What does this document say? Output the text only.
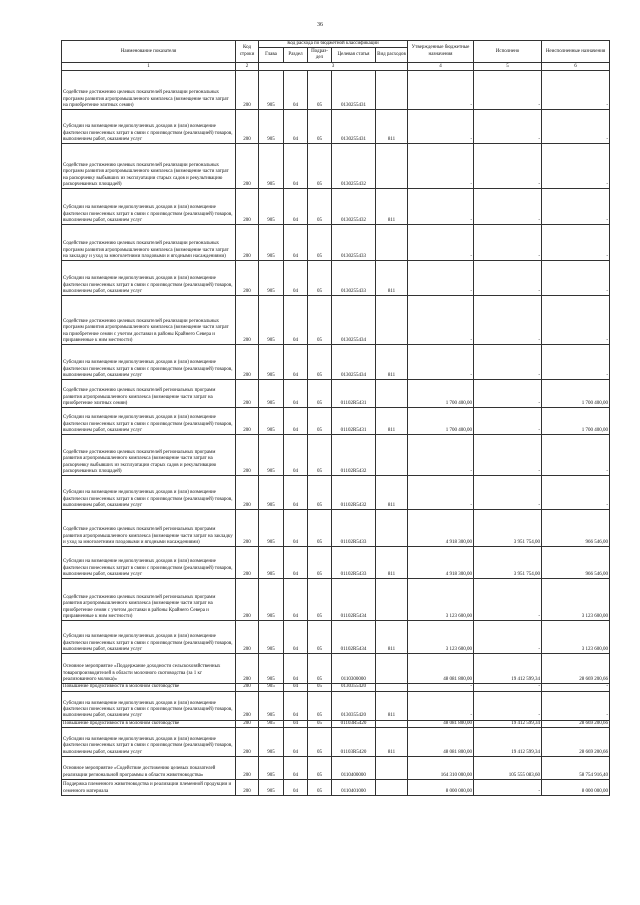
36
Наименование показателя	Код строки	Код расхода по бюджетной классификации					Утвержденные бюджетные назначения	Исполнено	Неисполненные назначения
		Глава	Раздел	Подраз-дел	Целевая статья	Вид расходов			
1	2	3					4	5	6
Содействие достижению целевых показателей реализации региональных программ развития агропромышленного комплекса (возмещение части затрат на приобретение элитных семян)	200	905	04	05	0130255431		-	-	-
Субсидии на возмещение недополученных доходов и (или) возмещение фактически понесенных затрат в связи с производством (реализацией) товаров, выполнением работ, оказанием услуг	200	905	04	05	0130255431	811	-	-	-
Содействие достижению целевых показателей реализации региональных программ развития агропромышленного комплекса (возмещение части затрат на раскорчевку выбывших из эксплуатации старых садов и рекультивацию раскорчеванных площадей)	200	905	04	05	0130255432		-	-	-
Субсидии на возмещение недополученных доходов и (или) возмещение фактически понесенных затрат в связи с производством (реализацией) товаров, выполнением работ, оказанием услуг	200	905	04	05	0130255432	811	-	-	-
Содействие достижению целевых показателей реализации региональных программ развития агропромышленного комплекса (возмещение части затрат на закладку и уход за многолетними плодовыми и ягодными насаждениями)	200	905	04	05	0130255433		-	-	-
Субсидии на возмещение недополученных доходов и (или) возмещение фактически понесенных затрат в связи с производством (реализацией) товаров, выполнением работ, оказанием услуг	200	905	04	05	0130255433	811	-	-	-
Содействие достижению целевых показателей реализации региональных программ развития агропромышленного комплекса (возмещение части затрат на приобретение семян с учетом доставки в районы Крайнего Севера и приравненные к ним местности)	200	905	04	05	0130255434		-	-	-
Субсидии на возмещение недополученных доходов и (или) возмещение фактически понесенных затрат в связи с производством (реализацией) товаров, выполнением работ, оказанием услуг	200	905	04	05	0130255434	811	-	-	-
Содействие достижению целевых показателей региональных программ развития агропромышленного комплекса (возмещение части затрат на приобретение элитных семян)	200	905	04	05	01102R5431		1 700 400,00	-	1 700 400,00
Субсидии на возмещение недополученных доходов и (или) возмещение фактически понесенных затрат в связи с производством (реализацией) товаров, выполнением работ, оказанием услуг	200	905	04	05	01102R5431	811	1 700 400,00	-	1 700 400,00
Содействие достижению целевых показателей региональных программ развития агропромышленного комплекса (возмещение части затрат на раскорчевку выбывших из эксплуатации старых садов и рекультивацию раскорчеванных площадей)	200	905	04	05	01102R5432		-	-	-
Субсидии на возмещение недополученных доходов и (или) возмещение фактически понесенных затрат в связи с производством (реализацией) товаров, выполнением работ, оказанием услуг	200	905	04	05	01102R5432	811	-	-	-
Содействие достижению целевых показателей региональных программ развития агропромышленного комплекса (возмещение части затрат на закладку и уход за многолетними плодовыми и ягодными насаждениями)	200	905	04	05	01102R5433		4 918 300,00	3 951 754,00	966 546,00
Субсидии на возмещение недополученных доходов и (или) возмещение фактически понесенных затрат в связи с производством (реализацией) товаров, выполнением работ, оказанием услуг	200	905	04	05	01102R5433	811	4 918 300,00	3 951 754,00	966 546,00
Содействие достижению целевых показателей региональных программ развития агропромышленного комплекса (возмещение части затрат на приобретение семян с учетом доставки в районы Крайнего Севера и приравненные к ним местности)	200	905	04	05	01102R5434		3 123 600,00	-	3 123 600,00
Субсидии на возмещение недополученных доходов и (или) возмещение фактически понесенных затрат в связи с производством (реализацией) товаров, выполнением работ, оказанием услуг	200	905	04	05	01102R5434	811	3 123 600,00	-	3 123 600,00
Основное мероприятие «Поддержание доходности сельскохозяйственных товаропроизводителей в области молочного скотоводства (за 1 кг реализованного молока)»	200	905	04	05	0110300000		48 081 800,00	19 412 599,34	28 669 200,66
Повышение продуктивности в молочном скотоводстве	200	905	04	05	0130355420		-	-	-
Субсидии на возмещение недополученных доходов и (или) возмещение фактически понесенных затрат в связи с производством (реализацией) товаров, выполнением работ, оказанием услуг	200	905	04	05	0130355420	811	-	-	-
Повышение продуктивности в молочном скотоводстве	200	905	04	05	01103R5420		48 081 800,00	19 412 599,34	28 669 200,66
Субсидии на возмещение недополученных доходов и (или) возмещение фактически понесенных затрат в связи с производством (реализацией) товаров, выполнением работ, оказанием услуг	200	905	04	05	01103R5420	811	48 081 800,00	19 412 599,34	28 669 200,66
Основное мероприятие «Содействие достижению целевых показателей реализации региональной программы в области животноводства»	200	905	04	05	0110400000		164 310 000,00	105 555 083,60	58 754 916,40
Поддержка племенного животноводства и реализации племенной продукции и семенного материала	200	905	04	05	0110401000		8 000 000,00	-	8 000 000,00
